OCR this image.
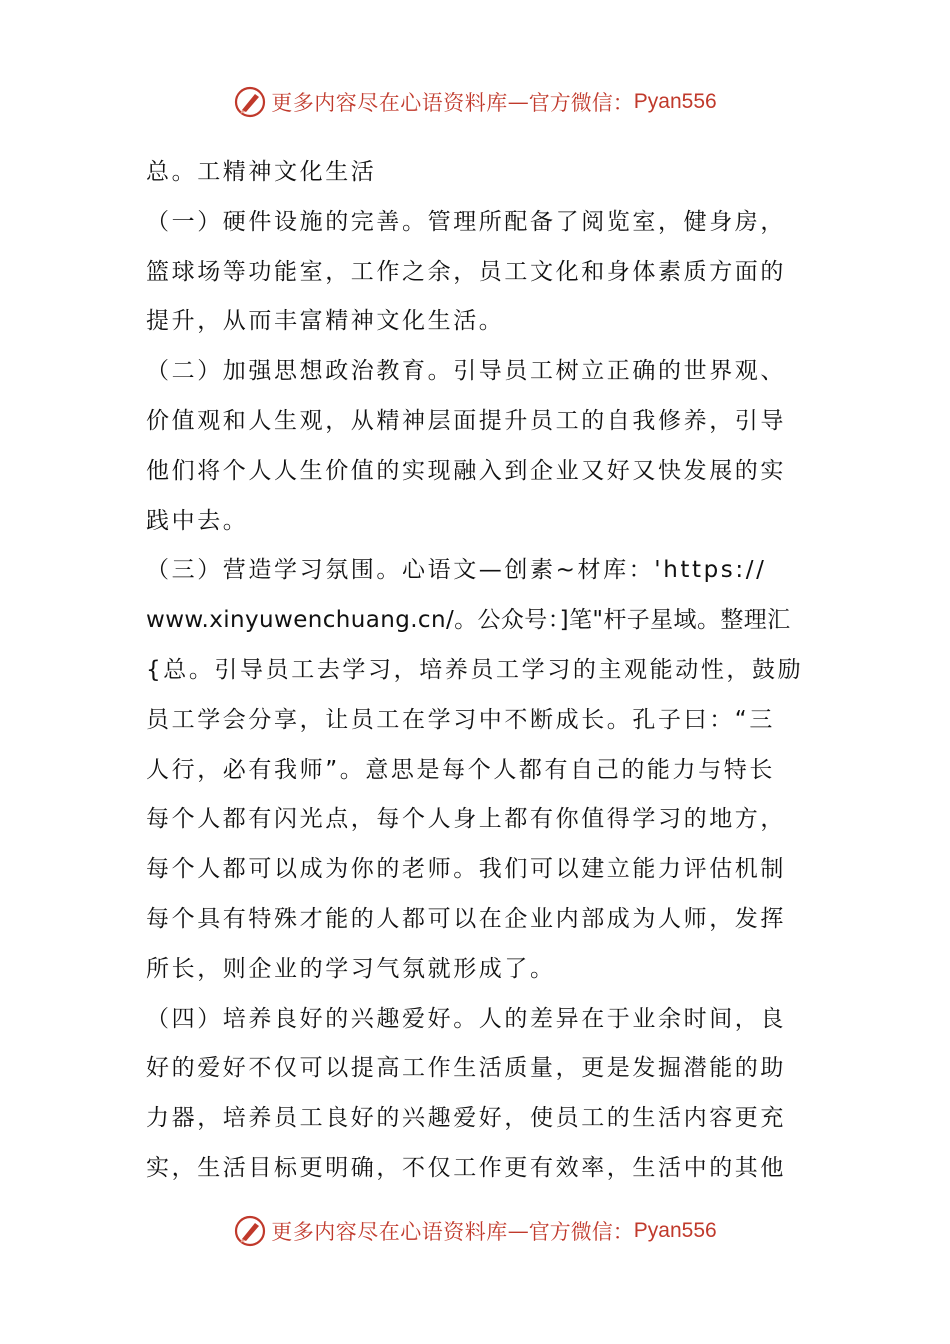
更多内容尽在心语资料库 — 官方微信： Pyan556
总。工精神文化生活
（一）硬件设施的完善。管理所配备了阅览室，健身房，
篮球场等功能室，工作之余，员工文化和身体素质方面的
提升，从而丰富精神文化生活。
（二）加强思想政治教育。引导员工树立正确的世界观、
价值观和人生观，从精神层面提升员工的自我修养，引导
他们将个人人生价值的实现融入到企业又好又快发展的实
践中去。
（三）营造学习氛围。心语文—创素~材库：'https://
www.xinyuwenchuang.cn/。公众号：]笔"杆子星域。整理汇
{总。引导员工去学习，培养员工学习的主观能动性，鼓励
员工学会分享，让员工在学习中不断成长。孔子曰：“三
人行，必有我师”。意思是每个人都有自己的能力与特长
每个人都有闪光点，每个人身上都有你值得学习的地方，
每个人都可以成为你的老师。我们可以建立能力评估机制
每个具有特殊才能的人都可以在企业内部成为人师，发挥
所长，则企业的学习气氛就形成了。
（四）培养良好的兴趣爱好。人的差异在于业余时间，良
好的爱好不仅可以提高工作生活质量，更是发掘潜能的助
力器，培养员工良好的兴趣爱好，使员工的生活内容更充
实，生活目标更明确，不仅工作更有效率，生活中的其他
更多内容尽在心语资料库 — 官方微信： Pyan556
